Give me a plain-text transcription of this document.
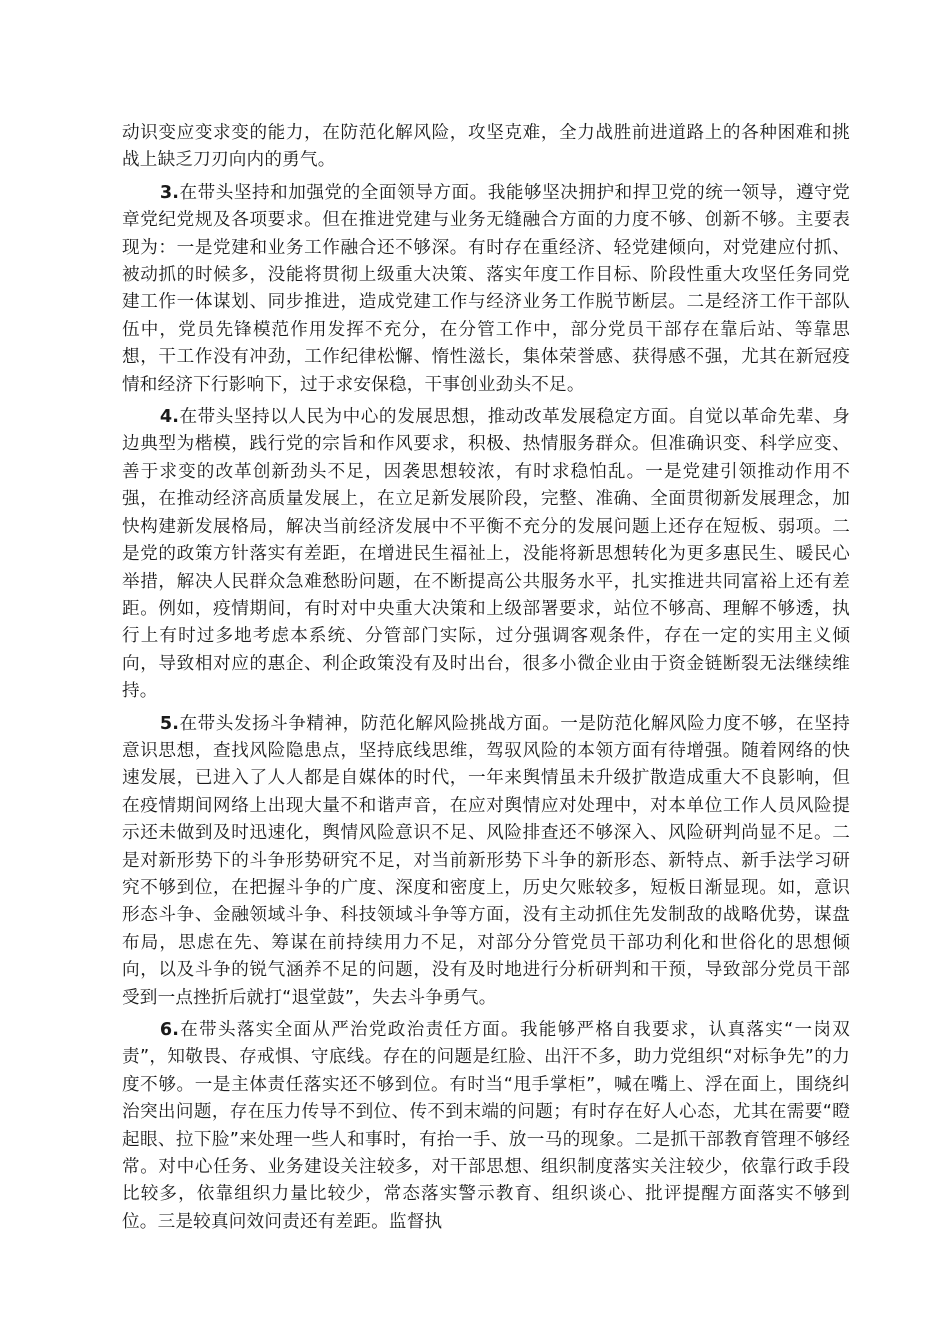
动识变应变求变的能力，在防范化解风险，攻坚克难，全力战胜前进道路上的各种困难和挑战上缺乏刀刃向内的勇气。

3.在带头坚持和加强党的全面领导方面。我能够坚决拥护和捍卫党的统一领导，遵守党章党纪党规及各项要求。但在推进党建与业务无缝融合方面的力度不够、创新不够。主要表现为：一是党建和业务工作融合还不够深。有时存在重经济、轻党建倾向，对党建应付抓、被动抓的时候多，没能将贯彻上级重大决策、落实年度工作目标、阶段性重大攻坚任务同党建工作一体谋划、同步推进，造成党建工作与经济业务工作脱节断层。二是经济工作干部队伍中，党员先锋模范作用发挥不充分，在分管工作中，部分党员干部存在靠后站、等靠思想，干工作没有冲劲，工作纪律松懈、惰性滋长，集体荣誉感、获得感不强，尤其在新冠疫情和经济下行影响下，过于求安保稳，干事创业劲头不足。

4.在带头坚持以人民为中心的发展思想，推动改革发展稳定方面。自觉以革命先辈、身边典型为楷模，践行党的宗旨和作风要求，积极、热情服务群众。但准确识变、科学应变、善于求变的改革创新劲头不足，因袭思想较浓，有时求稳怕乱。一是党建引领推动作用不强，在推动经济高质量发展上，在立足新发展阶段，完整、准确、全面贯彻新发展理念，加快构建新发展格局，解决当前经济发展中不平衡不充分的发展问题上还存在短板、弱项。二是党的政策方针落实有差距，在增进民生福祉上，没能将新思想转化为更多惠民生、暖民心举措，解决人民群众急难愁盼问题，在不断提高公共服务水平，扎实推进共同富裕上还有差距。例如，疫情期间，有时对中央重大决策和上级部署要求，站位不够高、理解不够透，执行上有时过多地考虑本系统、分管部门实际，过分强调客观条件，存在一定的实用主义倾向，导致相对应的惠企、利企政策没有及时出台，很多小微企业由于资金链断裂无法继续维持。

5.在带头发扬斗争精神，防范化解风险挑战方面。一是防范化解风险力度不够，在坚持意识思想，查找风险隐患点，坚持底线思维，驾驭风险的本领方面有待增强。随着网络的快速发展，已进入了人人都是自媒体的时代，一年来舆情虽未升级扩散造成重大不良影响，但在疫情期间网络上出现大量不和谐声音，在应对舆情应对处理中，对本单位工作人员风险提示还未做到及时迅速化，舆情风险意识不足、风险排查还不够深入、风险研判尚显不足。二是对新形势下的斗争形势研究不足，对当前新形势下斗争的新形态、新特点、新手法学习研究不够到位，在把握斗争的广度、深度和密度上，历史欠账较多，短板日渐显现。如，意识形态斗争、金融领域斗争、科技领域斗争等方面，没有主动抓住先发制敌的战略优势，谋盘布局，思虑在先、筹谋在前持续用力不足，对部分分管党员干部功利化和世俗化的思想倾向，以及斗争的锐气涵养不足的问题，没有及时地进行分析研判和干预，导致部分党员干部受到一点挫折后就打“退堂鼓”，失去斗争勇气。

6.在带头落实全面从严治党政治责任方面。我能够严格自我要求，认真落实“一岗双责”，知敬畏、存戒惧、守底线。存在的问题是红脸、出汗不多，助力党组织“对标争先”的力度不够。一是主体责任落实还不够到位。有时当“甩手掌柜”，喊在嘴上、浮在面上，围绕纠治突出问题，存在压力传导不到位、传不到末端的问题；有时存在好人心态，尤其在需要“瞪起眼、拉下脸”来处理一些人和事时，有抬一手、放一马的现象。二是抓干部教育管理不够经常。对中心任务、业务建设关注较多，对干部思想、组织制度落实关注较少，依靠行政手段比较多，依靠组织力量比较少，常态落实警示教育、组织谈心、批评提醒方面落实不够到位。三是较真问效问责还有差距。监督执
